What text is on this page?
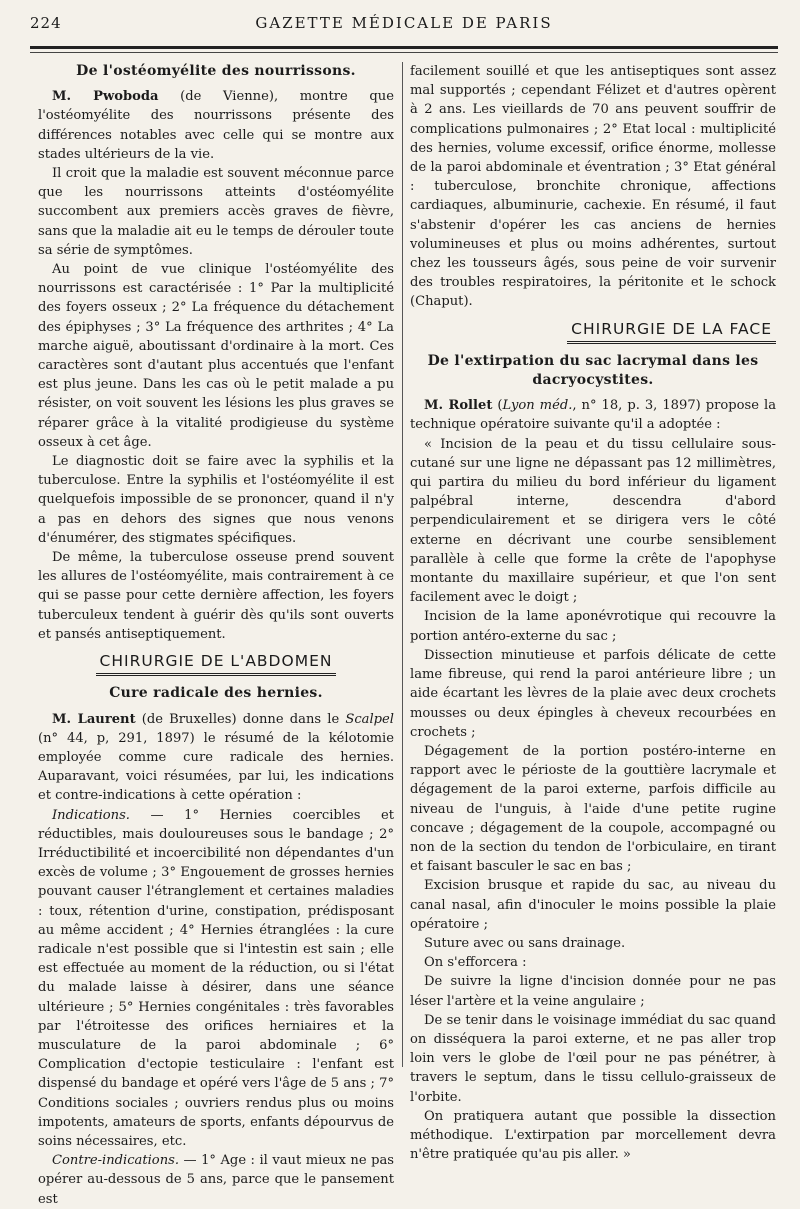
224	GAZETTE MÉDICALE DE PARIS
De l'ostéomyélite des nourrissons.

M. Pwoboda (de Vienne), montre que l'ostéomyélite des nourrissons présente des différences notables avec celle qui se montre aux stades ultérieurs de la vie.

Il croit que la maladie est souvent méconnue parce que les nourrissons atteints d'ostéomyélite succombent aux premiers accès graves de fièvre, sans que la maladie ait eu le temps de dérouler toute sa série de symptômes.

Au point de vue clinique l'ostéomyélite des nourrissons est caractérisée : 1° Par la multiplicité des foyers osseux ; 2° La fréquence du détachement des épiphyses ; 3° La fréquence des arthrites ; 4° La marche aiguë, aboutissant d'ordinaire à la mort. Ces caractères sont d'autant plus accentués que l'enfant est plus jeune. Dans les cas où le petit malade a pu résister, on voit souvent les lésions les plus graves se réparer grâce à la vitalité prodigieuse du système osseux à cet âge.

Le diagnostic doit se faire avec la syphilis et la tuberculose. Entre la syphilis et l'ostéomyélite il est quelquefois impossible de se prononcer, quand il n'y a pas en dehors des signes que nous venons d'énumérer, des stigmates spécifiques.

De même, la tuberculose osseuse prend souvent les allures de l'ostéomyélite, mais contrairement à ce qui se passe pour cette dernière affection, les foyers tuberculeux tendent à guérir dès qu'ils sont ouverts et pansés antiseptiquement.

CHIRURGIE DE L'ABDOMEN
Cure radicale des hernies.

M. Laurent (de Bruxelles) donne dans le Scalpel (n° 44, p, 291, 1897) le résumé de la kélotomie employée comme cure radicale des hernies. Auparavant, voici résumées, par lui, les indications et contre-indications à cette opération :

Indications. — 1° Hernies coercibles et réductibles, mais douloureuses sous le bandage ; 2° Irréductibilité et incoercibilité non dépendantes d'un excès de volume ; 3° Engouement de grosses hernies pouvant causer l'étranglement et certaines maladies : toux, rétention d'urine, constipation, prédisposant au même accident ; 4° Hernies étranglées : la cure radicale n'est possible que si l'intestin est sain ; elle est effectuée au moment de la réduction, ou si l'état du malade laisse à désirer, dans une séance ultérieure ; 5° Hernies congénitales : très favorables par l'étroitesse des orifices herniaires et la musculature de la paroi abdominale ; 6° Complication d'ectopie testiculaire : l'enfant est dispensé du bandage et opéré vers l'âge de 5 ans ; 7° Conditions sociales ; ouvriers rendus plus ou moins impotents, amateurs de sports, enfants dépourvus de soins nécessaires, etc.

Contre-indications. — 1° Age : il vaut mieux ne pas opérer au-dessous de 5 ans, parce que le pansement est

facilement souillé et que les antiseptiques sont assez mal supportés ; cependant Félizet et d'autres opèrent à 2 ans. Les vieillards de 70 ans peuvent souffrir de complications pulmonaires ; 2° Etat local : multiplicité des hernies, volume excessif, orifice énorme, mollesse de la paroi abdominale et éventration ; 3° Etat général : tuberculose, bronchite chronique, affections cardiaques, albuminurie, cachexie. En résumé, il faut s'abstenir d'opérer les cas anciens de hernies volumineuses et plus ou moins adhérentes, surtout chez les tousseurs âgés, sous peine de voir survenir des troubles respiratoires, la péritonite et le schock (Chaput).

CHIRURGIE DE LA FACE
De l'extirpation du sac lacrymal dans les dacryocystites.

M. Rollet (Lyon méd., n° 18, p. 3, 1897) propose la technique opératoire suivante qu'il a adoptée :

« Incision de la peau et du tissu cellulaire sous-cutané sur une ligne ne dépassant pas 12 millimètres, qui partira du milieu du bord inférieur du ligament palpébral interne, descendra d'abord perpendiculairement et se dirigera vers le côté externe en décrivant une courbe sensiblement parallèle à celle que forme la crête de l'apophyse montante du maxillaire supérieur, et que l'on sent facilement avec le doigt ;

Incision de la lame aponévrotique qui recouvre la portion antéro-externe du sac ;

Dissection minutieuse et parfois délicate de cette lame fibreuse, qui rend la paroi antérieure libre ; un aide écartant les lèvres de la plaie avec deux crochets mousses ou deux épingles à cheveux recourbées en crochets ;

Dégagement de la portion postéro-interne en rapport avec le périoste de la gouttière lacrymale et dégagement de la paroi externe, parfois difficile au niveau de l'unguis, à l'aide d'une petite rugine concave ; dégagement de la coupole, accompagné ou non de la section du tendon de l'orbiculaire, en tirant et faisant basculer le sac en bas ;

Excision brusque et rapide du sac, au niveau du canal nasal, afin d'inoculer le moins possible la plaie opératoire ;

Suture avec ou sans drainage.

On s'efforcera :

De suivre la ligne d'incision donnée pour ne pas léser l'artère et la veine angulaire ;

De se tenir dans le voisinage immédiat du sac quand on disséquera la paroi externe, et ne pas aller trop loin vers le globe de l'œil pour ne pas pénétrer, à travers le septum, dans le tissu cellulo-graisseux de l'orbite.

On pratiquera autant que possible la dissection méthodique. L'extirpation par morcellement devra n'être pratiquée qu'au pis aller. »
